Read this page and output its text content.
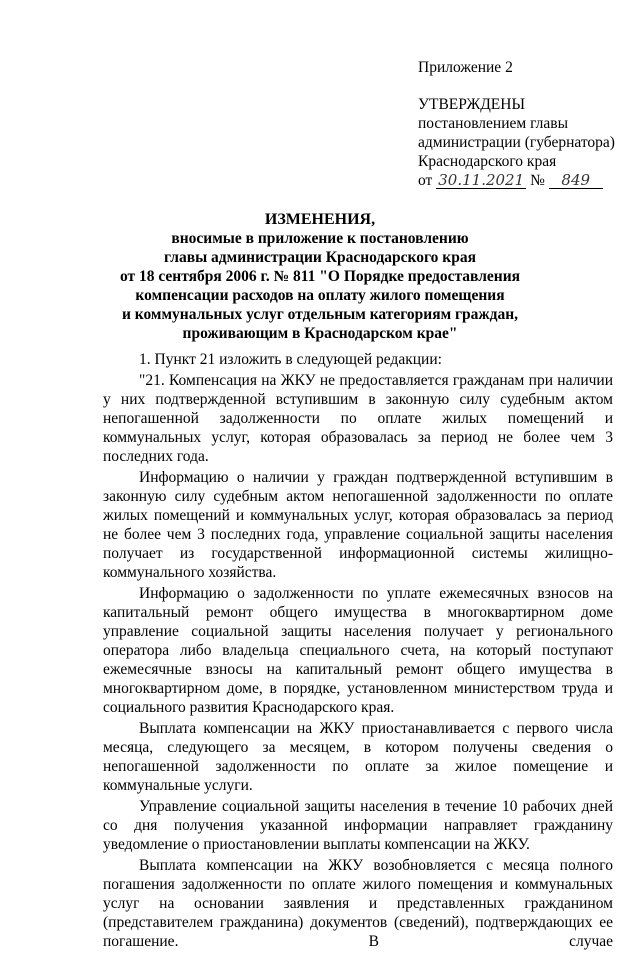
Приложение 2
УТВЕРЖДЕНЫ
постановлением главы
администрации (губернатора)
Краснодарского края
от 30.11.2021 № 849
ИЗМЕНЕНИЯ,
вносимые в приложение к постановлению
главы администрации Краснодарского края
от 18 сентября 2006 г. № 811 "О Порядке предоставления
компенсации расходов на оплату жилого помещения
и коммунальных услуг отдельным категориям граждан,
проживающим в Краснодарском крае"

1. Пункт 21 изложить в следующей редакции:

"21. Компенсация на ЖКУ не предоставляется гражданам при наличии у них подтвержденной вступившим в законную силу судебным актом непогашенной задолженности по оплате жилых помещений и коммунальных услуг, которая образовалась за период не более чем 3 последних года.

Информацию о наличии у граждан подтвержденной вступившим в законную силу судебным актом непогашенной задолженности по оплате жилых помещений и коммунальных услуг, которая образовалась за период не более чем 3 последних года, управление социальной защиты населения получает из государственной информационной системы жилищно-коммунального хозяйства.

Информацию о задолженности по уплате ежемесячных взносов на капитальный ремонт общего имущества в многоквартирном доме управление социальной защиты населения получает у регионального оператора либо владельца специального счета, на который поступают ежемесячные взносы на капитальный ремонт общего имущества в многоквартирном доме, в порядке, установленном министерством труда и социального развития Краснодарского края.

Выплата компенсации на ЖКУ приостанавливается с первого числа месяца, следующего за месяцем, в котором получены сведения о непогашенной задолженности по оплате за жилое помещение и коммунальные услуги.

Управление социальной защиты населения в течение 10 рабочих дней со дня получения указанной информации направляет гражданину уведомление о приостановлении выплаты компенсации на ЖКУ.

Выплата компенсации на ЖКУ возобновляется с месяца полного погашения задолженности по оплате жилого помещения и коммунальных услуг на основании заявления и представленных гражданином (представителем гражданина) документов (сведений), подтверждающих ее погашение. В случае
